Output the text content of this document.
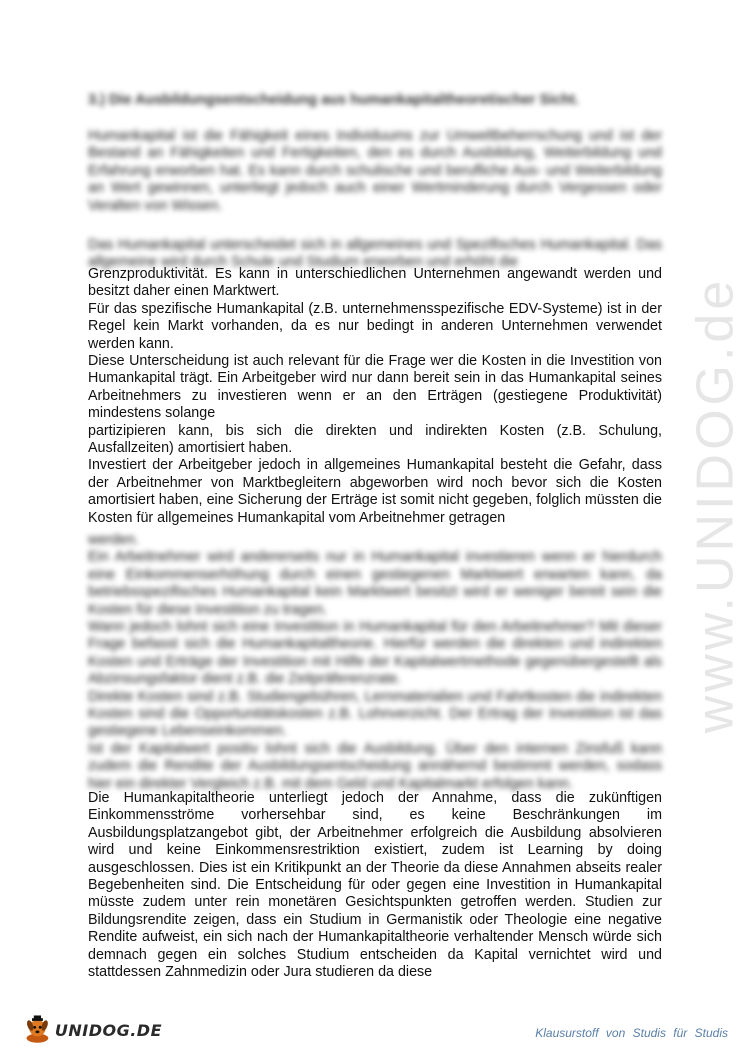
3.) Die Ausbildungsentscheidung aus humankapitaltheoretischer Sicht.
Humankapital ist die Fähigkeit eines Individuums zur Umweltbeherrschung und ist der Bestand an Fähigkeiten und Fertigkeiten, den es durch Ausbildung, Weiterbildung und Erfahrung erworben hat. Es kann durch schulische und berufliche Aus- und Weiterbildung an Wert gewinnen, unterliegt jedoch auch einer Wertminderung durch Vergessen oder Veralten von Wissen.
Das Humankapital unterscheidet sich in allgemeines und Spezifisches Humankapital. Das allgemeine wird durch Schule und Studium erworben und erhöht die
Grenzproduktivität. Es kann in unterschiedlichen Unternehmen angewandt werden und besitzt daher einen Marktwert.
Für das spezifische Humankapital (z.B. unternehmensspezifische EDV-Systeme) ist in der Regel kein Markt vorhanden, da es nur bedingt in anderen Unternehmen verwendet werden kann.
Diese Unterscheidung ist auch relevant für die Frage wer die Kosten in die Investition von Humankapital trägt. Ein Arbeitgeber wird nur dann bereit sein in das Humankapital seines Arbeitnehmers zu investieren wenn er an den Erträgen (gestiegene Produktivität) mindestens solange
partizipieren kann, bis sich die direkten und indirekten Kosten (z.B. Schulung, Ausfallzeiten) amortisiert haben.
Investiert der Arbeitgeber jedoch in allgemeines Humankapital besteht die Gefahr, dass der Arbeitnehmer von Marktbegleitern abgeworben wird noch bevor sich die Kosten amortisiert haben, eine Sicherung der Erträge ist somit nicht gegeben, folglich müssten die Kosten für allgemeines Humankapital vom Arbeitnehmer getragen
werden.
Ein Arbeitnehmer wird andererseits nur in Humankapital investieren wenn er hierdurch eine Einkommenserhöhung durch einen gestiegenen Marktwert erwarten kann, da betriebsspezifisches Humankapital kein Marktwert besitzt wird er weniger bereit sein die Kosten für diese Investition zu tragen.
Wann jedoch lohnt sich eine Investition in Humankapital für den Arbeitnehmer? Mit dieser Frage befasst sich die Humankapitaltheorie. Hierfür werden die direkten und indirekten Kosten und Erträge der Investition mit Hilfe der Kapitalwertmethode gegenübergestellt als Abzinsungsfaktor dient z.B. die Zeitpräferenzrate.
Direkte Kosten sind z.B. Studiengebühren, Lernmaterialien und Fahrtkosten die indirekten Kosten sind die Opportunitätskosten z.B. Lohnverzicht. Der Ertrag der Investition ist das gestiegene Lebenseinkommen.
Ist der Kapitalwert positiv lohnt sich die Ausbildung. Über den internen Zinsfuß kann zudem die Rendite der Ausbildungsentscheidung annähernd bestimmt werden, sodass hier ein direkter Vergleich z.B. mit dem Geld und Kapitalmarkt erfolgen kann.
Die Humankapitaltheorie unterliegt jedoch der Annahme, dass die zukünftigen Einkommensströme vorhersehbar sind, es keine Beschränkungen im Ausbildungsplatzangebot gibt, der Arbeitnehmer erfolgreich die Ausbildung absolvieren wird und keine Einkommensrestriktion existiert, zudem ist Learning by doing ausgeschlossen. Dies ist ein Kritikpunkt an der Theorie da diese Annahmen abseits realer Begebenheiten sind. Die Entscheidung für oder gegen eine Investition in Humankapital müsste zudem unter rein monetären Gesichtspunkten getroffen werden. Studien zur Bildungsrendite zeigen, dass ein Studium in Germanistik oder Theologie eine negative Rendite aufweist, ein sich nach der Humankapitaltheorie verhaltender Mensch würde sich demnach gegen ein solches Studium entscheiden da Kapital vernichtet wird und stattdessen Zahnmedizin oder Jura studieren da diese
www.UNIDOG.de
UNIDOG.DE	Klausurstoff von Studis für Studis
